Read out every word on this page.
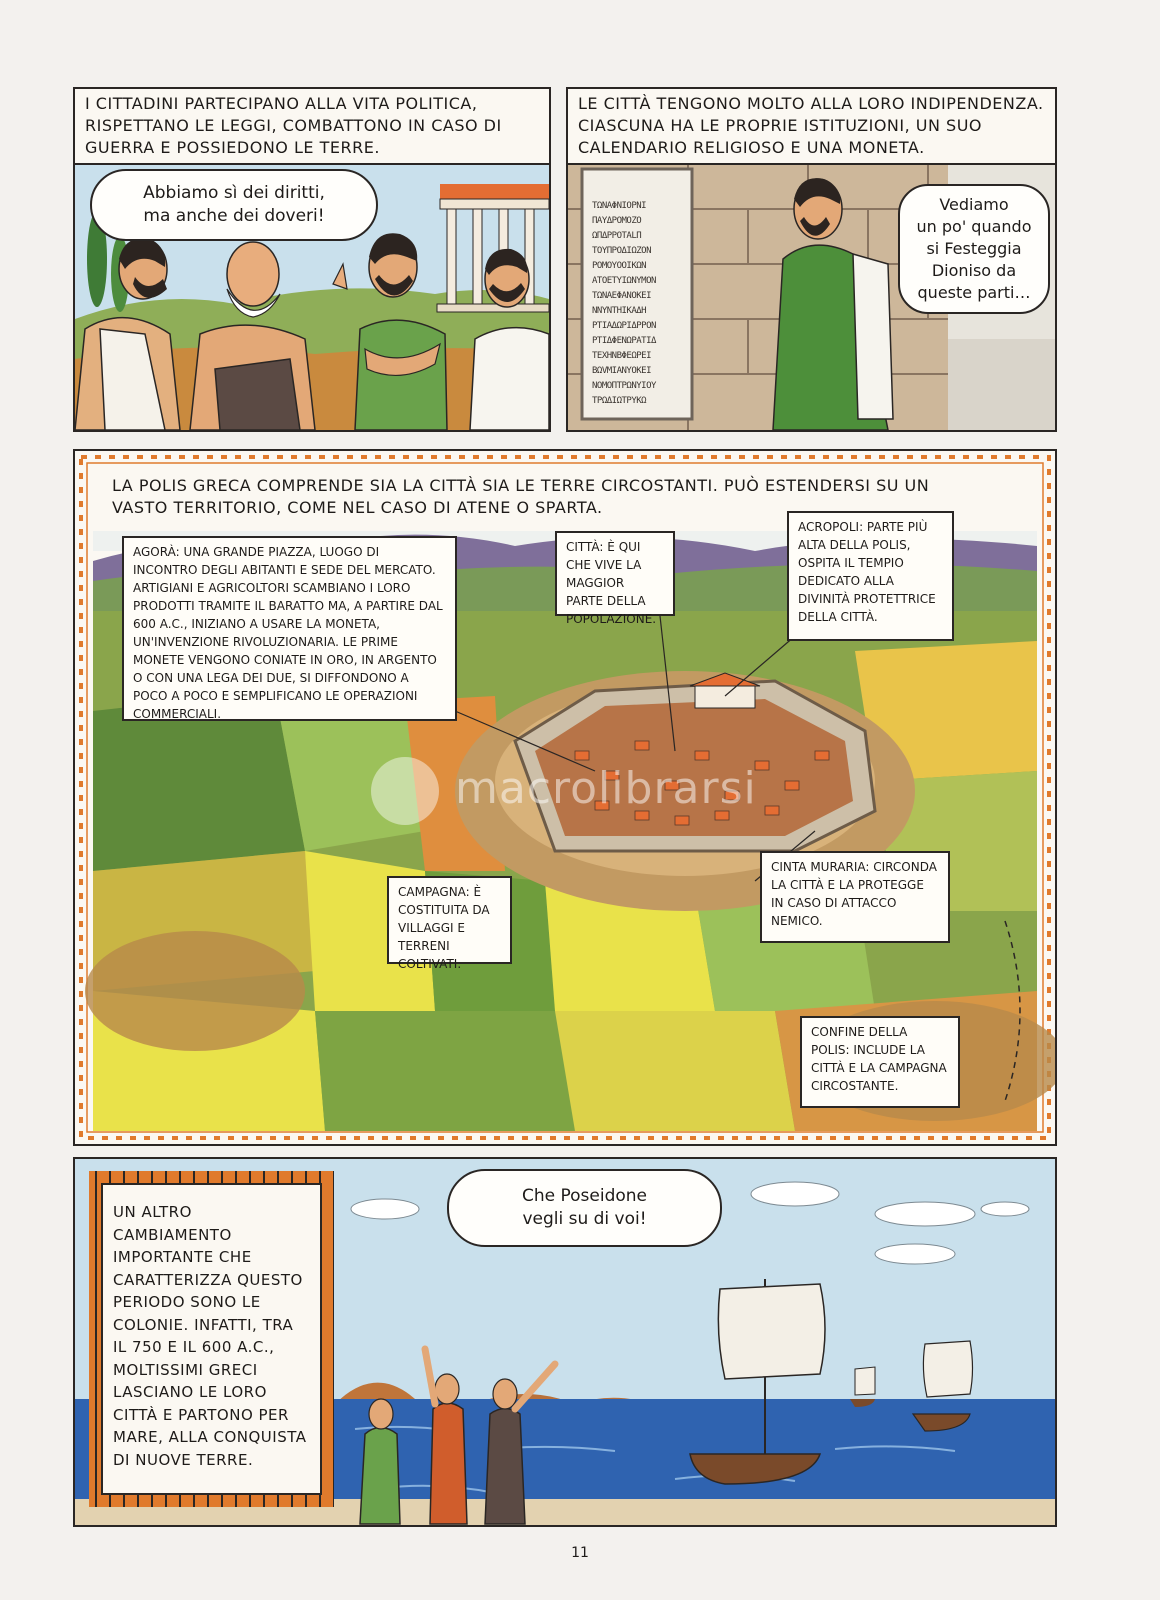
I CITTADINI PARTECIPANO ALLA VITA POLITICA, RISPETTANO LE LEGGI, COMBATTONO IN CASO DI GUERRA E POSSIEDONO LE TERRE.
Abbiamo sì dei diritti,
ma anche dei doveri!	TΩNAΦNIOPNI
ΠAYΔPOMOZO
ΩΠΔPPOTALΠ
TOYΠPOΔIΩZON
POMOYOOIKΩN
ATOETYIΩNYMON
TΩNAEΦANOKEI
NNYNTHIKAΔH
PTIAΔΩPIΔPPON
PTIΔΦENΩPATIΔ
TEXHNBΦEΩPEI
BΩVMIANYOKEI
NOMOΠTPΩNYIOY
TPΩΔIΩTPYKΩ
LE CITTÀ TENGONO MOLTO ALLA LORO INDIPENDENZA. CIASCUNA HA LE PROPRIE ISTITUZIONI, UN SUO CALENDARIO RELIGIOSO E UNA MONETA.
Vediamo
un po' quando
si Festeggia
Dioniso da
queste parti…
macrolibrarsi
LA POLIS GRECA COMPRENDE SIA LA CITTÀ SIA LE TERRE CIRCOSTANTI. PUÒ ESTENDERSI SU UN VASTO TERRITORIO, COME NEL CASO DI ATENE O SPARTA.
AGORÀ: UNA GRANDE PIAZZA, LUOGO DI INCONTRO DEGLI ABITANTI E SEDE DEL MERCATO. ARTIGIANI E AGRICOLTORI SCAMBIANO I LORO PRODOTTI TRAMITE IL BARATTO MA, A PARTIRE DAL 600 A.C., INIZIANO A USARE LA MONETA, UN'INVENZIONE RIVOLUZIONARIA. LE PRIME MONETE VENGONO CONIATE IN ORO, IN ARGENTO O CON UNA LEGA DEI DUE, SI DIFFONDONO A POCO A POCO E SEMPLIFICANO LE OPERAZIONI COMMERCIALI.
CITTÀ: È QUI CHE VIVE LA MAGGIOR PARTE DELLA POPOLAZIONE.
ACROPOLI: PARTE PIÙ ALTA DELLA POLIS, OSPITA IL TEMPIO DEDICATO ALLA DIVINITÀ PROTETTRICE DELLA CITTÀ.
CAMPAGNA: È COSTITUITA DA VILLAGGI E TERRENI COLTIVATI.
CINTA MURARIA: CIRCONDA LA CITTÀ E LA PROTEGGE IN CASO DI ATTACCO NEMICO.
CONFINE DELLA POLIS: INCLUDE LA CITTÀ E LA CAMPAGNA CIRCOSTANTE.
UN ALTRO CAMBIAMENTO IMPORTANTE CHE CARATTERIZZA QUESTO PERIODO SONO LE COLONIE. INFATTI, TRA IL 750 E IL 600 A.C., MOLTISSIMI GRECI LASCIANO LE LORO CITTÀ E PARTONO PER MARE, ALLA CONQUISTA DI NUOVE TERRE.
Che Poseidone
vegli su di voi!
11
